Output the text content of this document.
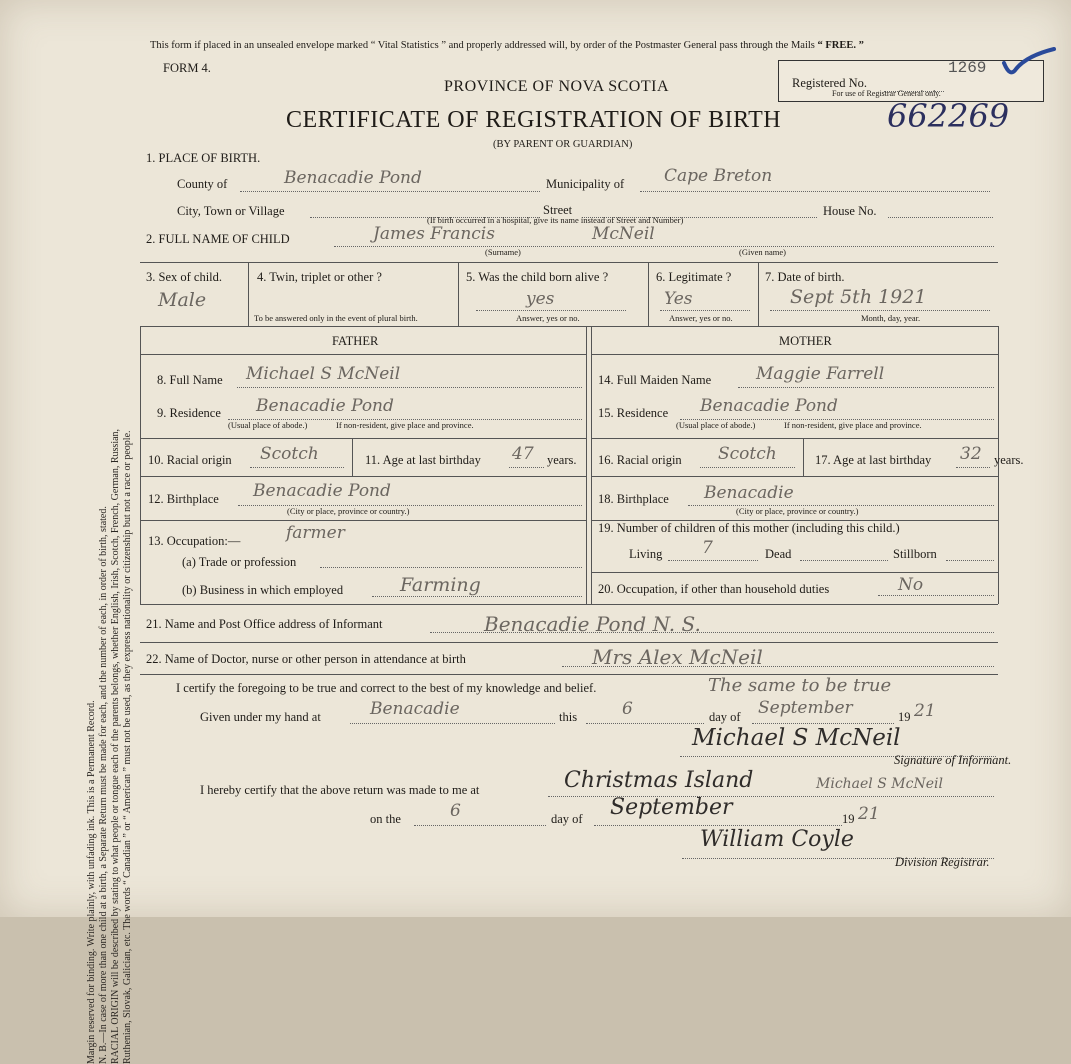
Margin reserved for binding. Write plainly, with unfading ink. This is a Permanent Record. N. B.—In case of more than one child at a birth, a Separate Return must be made for each, and the number of each, in order of birth, stated. RACIAL ORIGIN will be described by stating to what people or tongue each of the parents belongs, whether English, Irish, Scotch, French, German, Russian, Ruthenian, Slovak, Galician, etc. The words “ Canadian ” or “ American ” must not be used, as they express nationality or citizenship but not a race or people.
This form if placed in an unsealed envelope marked “ Vital Statistics ” and properly addressed will, by order of the Postmaster General pass through the Mails “ FREE. ”
FORM 4.
Registered No.
For use of Registrar General only.
1269
PROVINCE OF NOVA SCOTIA
CERTIFICATE OF REGISTRATION OF BIRTH	662269
(BY PARENT OR GUARDIAN)
1. PLACE OF BIRTH.
County of	Benacadie Pond	Municipality of Cape Breton
City, Town or Village	Street	House No.
(If birth occurred in a hospital, give its name instead of Street and Number)
2. FULL NAME OF CHILD	James Francis	McNeil
(Surname)	(Given name)
3. Sex of child.
Male
4. Twin, triplet or other ?
To be answered only in the event of plural birth.
5. Was the child born alive ?
yes
Answer, yes or no.
6. Legitimate ?
Yes
Answer, yes or no.
7. Date of birth.
Sept 5th 1921
Month, day, year.
FATHER	MOTHER
8. Full Name Michael S McNeil
9. Residence Benacadie Pond
(Usual place of abode.)	If non-resident, give place and province.
10. Racial origin Scotch	11. Age at last birthday 47 years.
12. Birthplace Benacadie Pond
(City or place, province or country.)
13. Occupation:—	farmer
(a) Trade or profession
(b) Business in which employed	Farming
14. Full Maiden Name	Maggie Farrell
15. Residence Benacadie Pond
(Usual place of abode.)	If non-resident, give place and province.
16. Racial origin Scotch	17. Age at last birthday 32 years.
18. Birthplace Benacadie
(City or place, province or country.)
19. Number of children of this mother (including this child.)
Living 7	Dead	Stillborn
20. Occupation, if other than household duties	No
21. Name and Post Office address of Informant	Benacadie Pond N. S.
22. Name of Doctor, nurse or other person in attendance at birth	Mrs Alex McNeil
I certify the foregoing to be true and correct to the best of my knowledge and belief.	The same to be true
Given under my hand at	Benacadie	this	6	day of September	19 21
Michael S McNeil
Signature of Informant.
I hereby certify that the above return was made to me at	Christmas Island	Michael S McNeil
on the	6	day of September	19 21
William Coyle
Division Registrar.
